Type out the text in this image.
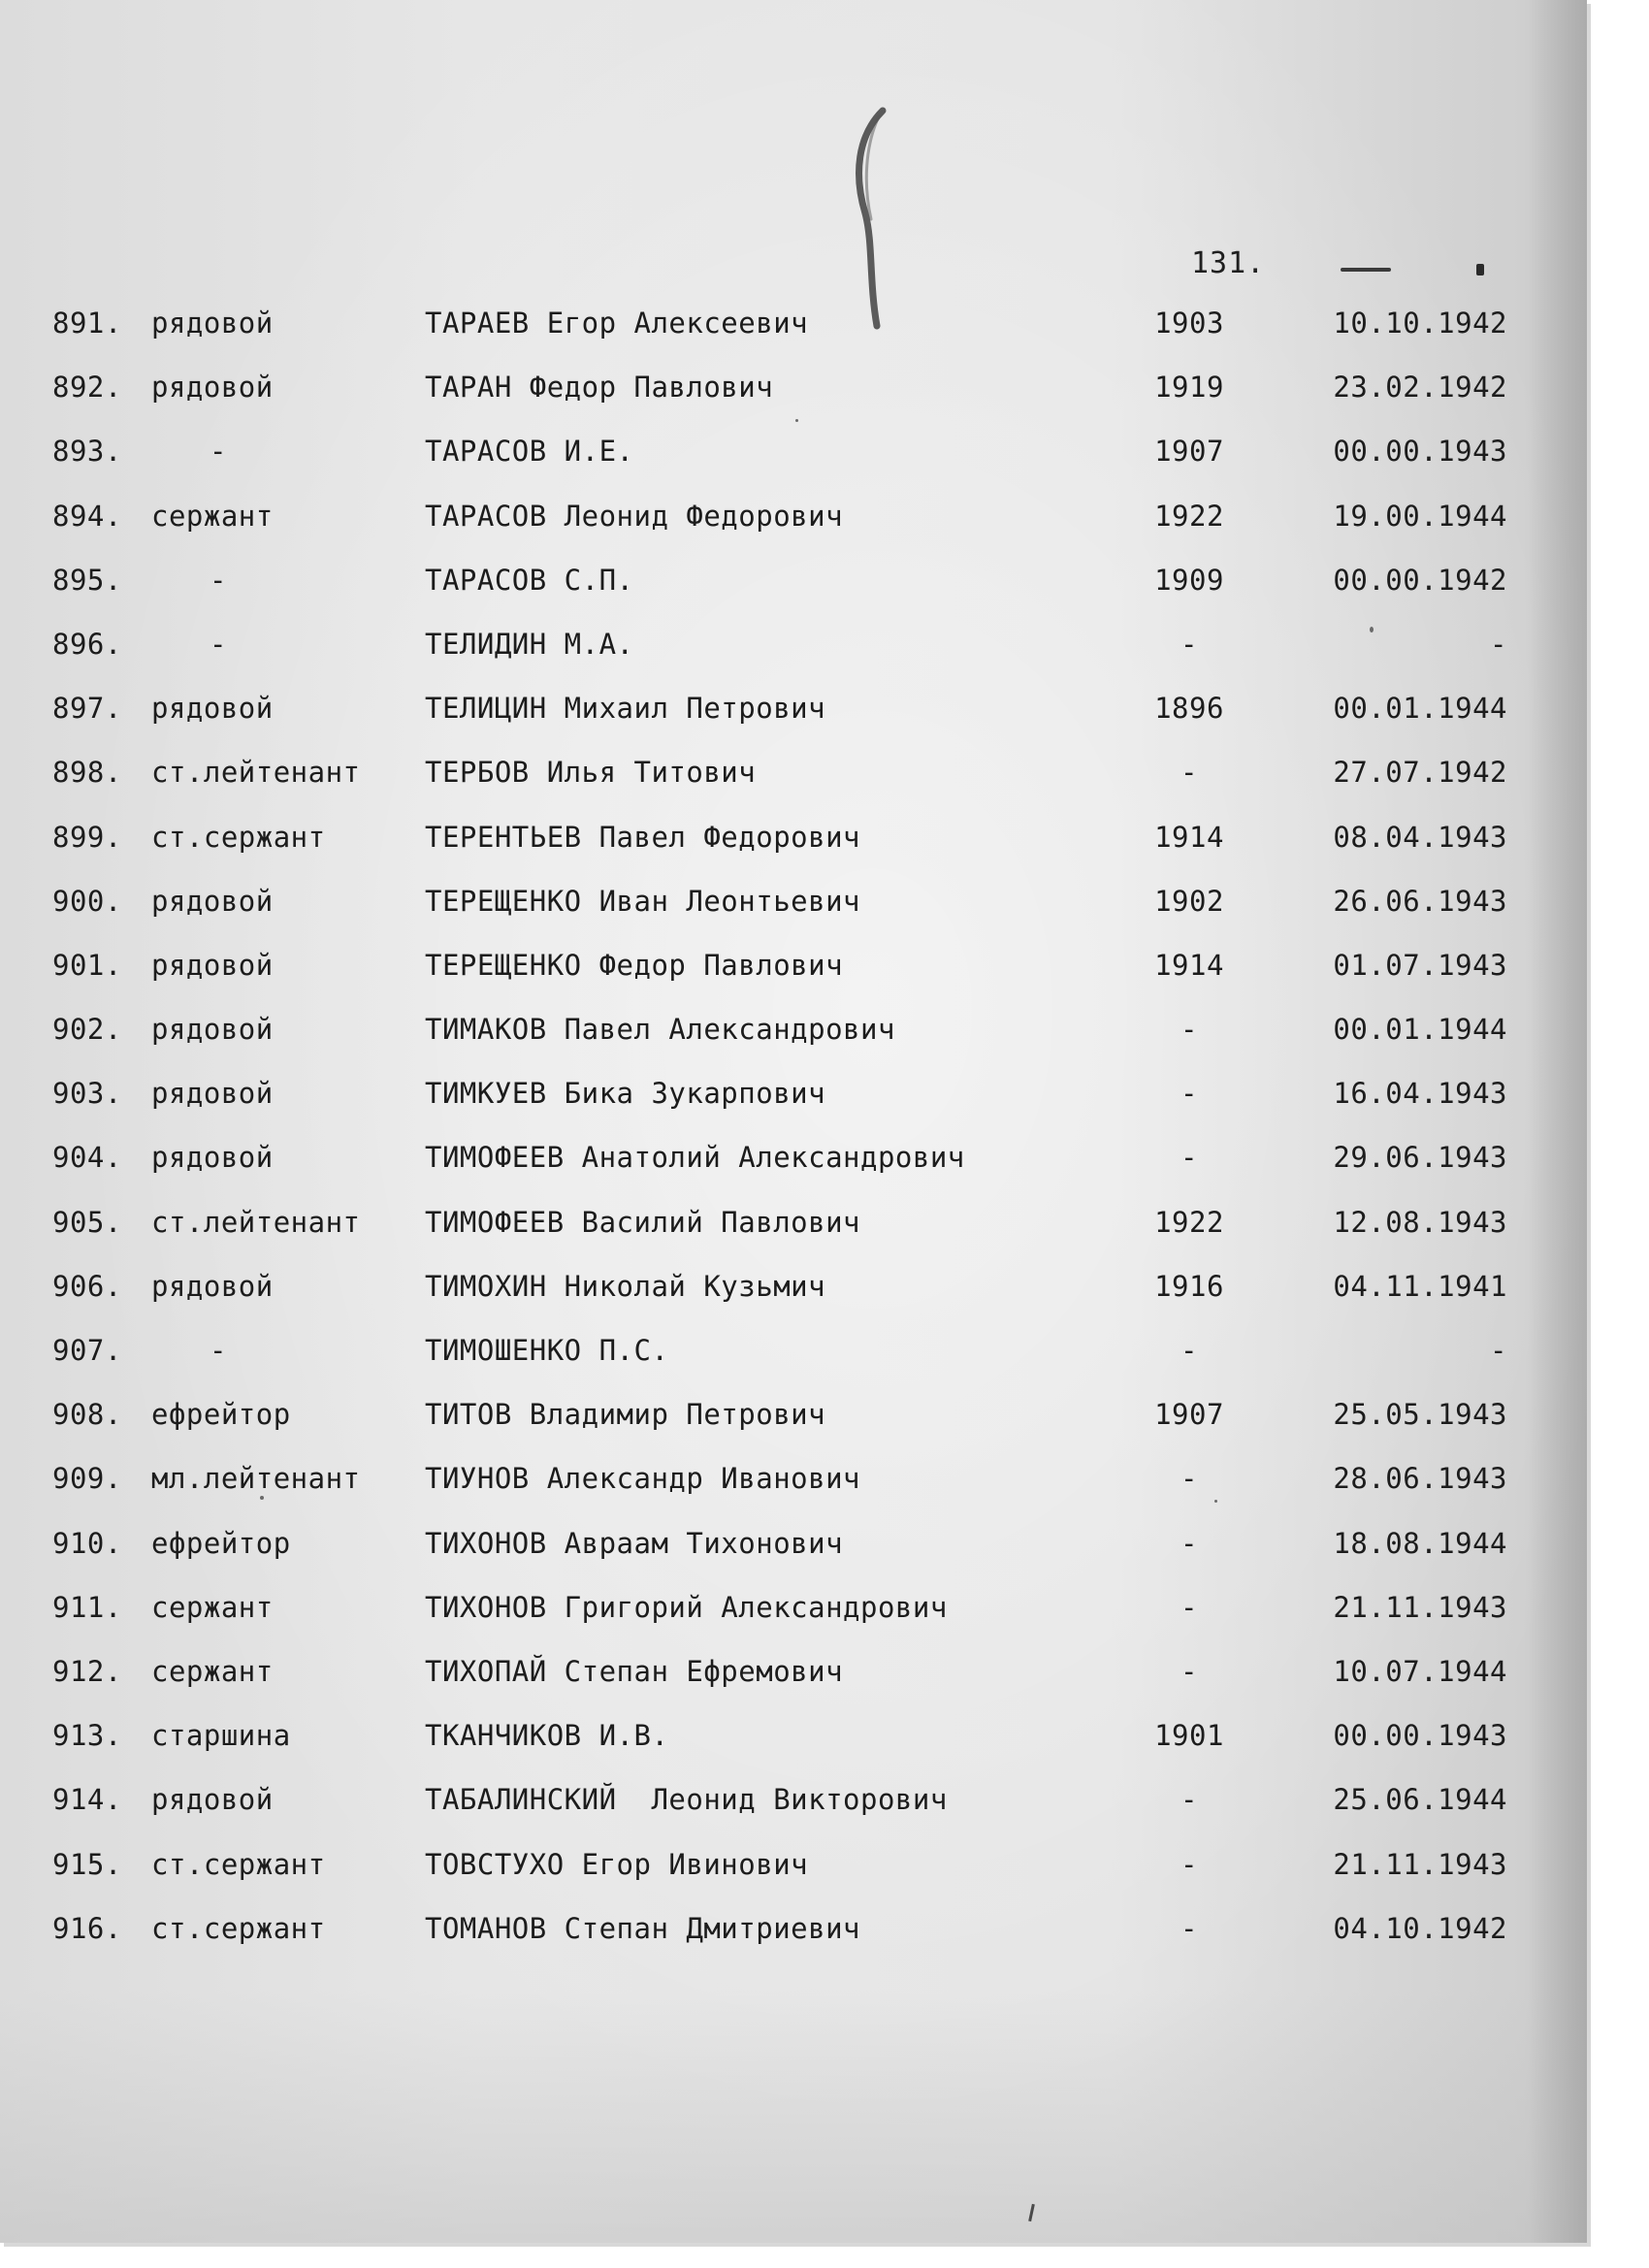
131.
891. рядовой	ТАРАЕВ Егор Алексеевич	1903	10.10.1942
892. рядовой	ТАРАН Федор Павлович	1919	23.02.1942
893.	-	ТАРАСОВ И.Е.	1907	00.00.1943
894. сержант	ТАРАСОВ Леонид Федорович	1922	19.00.1944
895.	-	ТАРАСОВ С.П.	1909	00.00.1942
896.	-	ТЕЛИДИН М.А.	-	-
897. рядовой	ТЕЛИЦИН Михаил Петрович	1896	00.01.1944
898. ст.лейтенант ТЕРБОВ Илья Титович	-	27.07.1942
899. ст.сержант	ТЕРЕНТЬЕВ Павел Федорович	1914	08.04.1943
900. рядовой	ТЕРЕЩЕНКО Иван Леонтьевич	1902	26.06.1943
901. рядовой	ТЕРЕЩЕНКО Федор Павлович	1914	01.07.1943
902. рядовой	ТИМАКОВ Павел Александрович	-	00.01.1944
903. рядовой	ТИМКУЕВ Бика Зукарпович	-	16.04.1943
904. рядовой	ТИМОФЕЕВ Анатолий Александрович	-	29.06.1943
905. ст.лейтенант ТИМОФЕЕВ Василий Павлович	1922	12.08.1943
906. рядовой	ТИМОХИН Николай Кузьмич	1916	04.11.1941
907.	-	ТИМОШЕНКО П.С.	-	-
908. ефрейтор	ТИТОВ Владимир Петрович	1907	25.05.1943
909. мл.лейтенант ТИУНОВ Александр Иванович	-	28.06.1943
910. ефрейтор	ТИХОНОВ Авраам Тихонович	-	18.08.1944
911. сержант	ТИХОНОВ Григорий Александрович	-	21.11.1943
912. сержант	ТИХОПАЙ Степан Ефремович	-	10.07.1944
913. старшина	ТКАНЧИКОВ И.В.	1901	00.00.1943
914. рядовой	ТАБАЛИНСКИЙ  Леонид Викторович	-	25.06.1944
915. ст.сержант	ТОВСТУХО Егор Ивинович	-	21.11.1943
916. ст.сержант	ТОМАНОВ Степан Дмитриевич	-	04.10.1942
